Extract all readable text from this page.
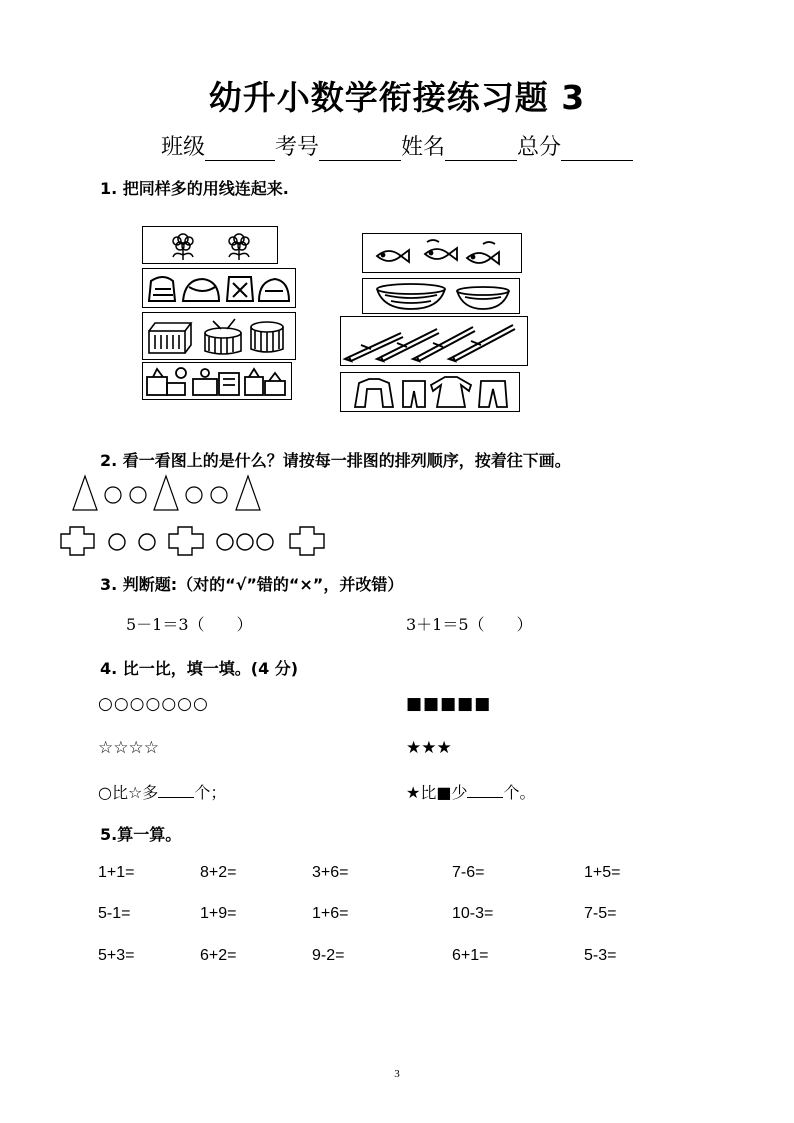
幼升小数学衔接练习题 3
班级	考号	姓名	总分
1. 把同样多的用线连起来.
2. 看一看图上的是什么？请按每一排图的排列顺序，按着往下画。
3. 判断题:（对的“√”错的“×”，并改错）
5－1＝3（　　）	3＋1＝5（　　）
4. 比一比，填一填。(4 分)
○○○○○○○	■■■■■
☆☆☆☆	★★★
○比☆多 个；	★比■少 个。
5.算一算。
1+1=	8+2=	3+6=	7-6=	1+5=
5-1=	1+9=	1+6=	10-3=	7-5=
5+3=	6+2=	9-2=	6+1=	5-3=
3
